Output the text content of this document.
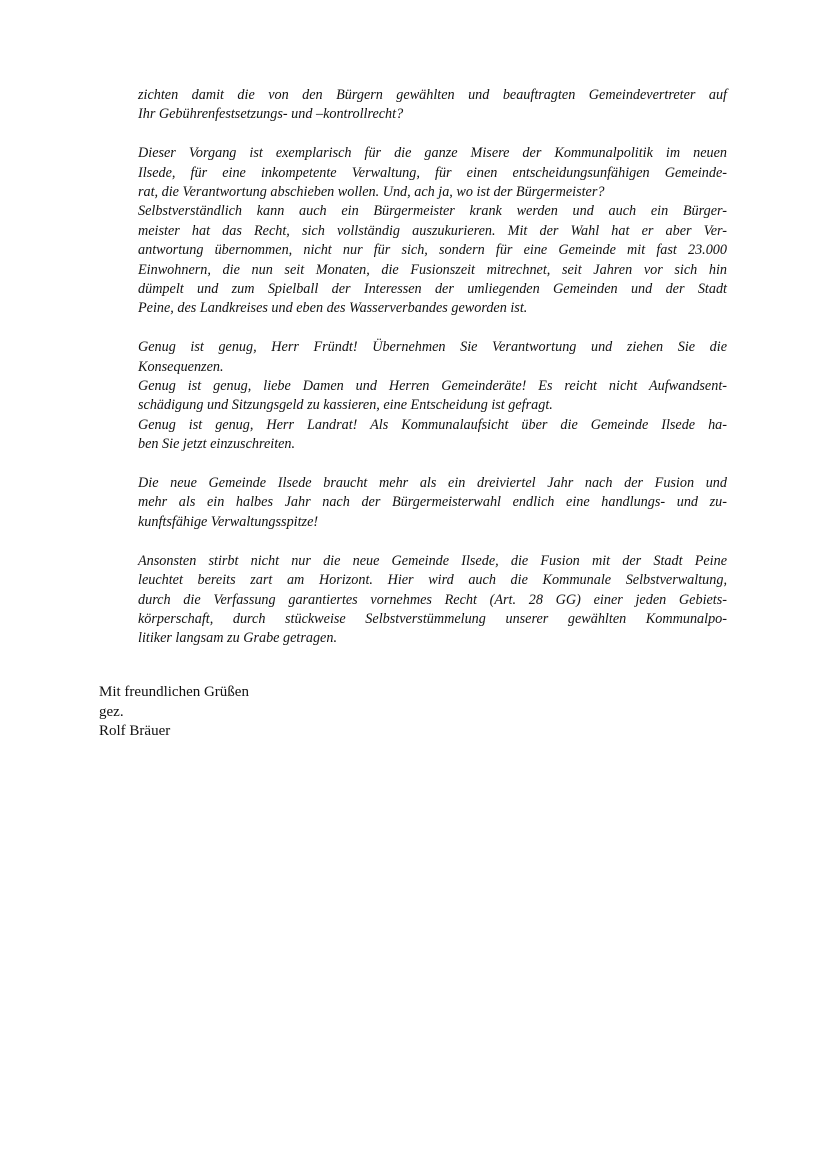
zichten damit die von den Bürgern gewählten und beauftragten Gemeindevertreter auf
Ihr Gebührenfestsetzungs- und –kontrollrecht?
Dieser Vorgang ist exemplarisch für die ganze Misere der Kommunalpolitik im neuen
Ilsede, für eine inkompetente Verwaltung, für einen entscheidungsunfähigen Gemeinde-
rat, die Verantwortung abschieben wollen. Und, ach ja, wo ist der Bürgermeister?
Selbstverständlich kann auch ein Bürgermeister krank werden und auch ein Bürger-
meister hat das Recht, sich vollständig auszukurieren. Mit der Wahl hat er aber Ver-
antwortung übernommen, nicht nur für sich, sondern für eine Gemeinde mit fast 23.000
Einwohnern, die nun seit Monaten, die Fusionszeit mitrechnet, seit Jahren vor sich hin
dümpelt und zum Spielball der Interessen der umliegenden Gemeinden und der Stadt
Peine, des Landkreises und eben des Wasserverbandes geworden ist.
Genug ist genug, Herr Fründt! Übernehmen Sie Verantwortung und ziehen Sie die
Konsequenzen.
Genug ist genug, liebe Damen und Herren Gemeinderäte! Es reicht nicht Aufwandsent-
schädigung und Sitzungsgeld zu kassieren, eine Entscheidung ist gefragt.
Genug ist genug, Herr Landrat! Als Kommunalaufsicht über die Gemeinde Ilsede ha-
ben Sie jetzt einzuschreiten.
Die neue Gemeinde Ilsede braucht mehr als ein dreiviertel Jahr nach der Fusion und
mehr als ein halbes Jahr nach der Bürgermeisterwahl endlich eine handlungs- und zu-
kunftsfähige Verwaltungsspitze!
Ansonsten stirbt nicht nur die neue Gemeinde Ilsede, die Fusion mit der Stadt Peine
leuchtet bereits zart am Horizont. Hier wird auch die Kommunale Selbstverwaltung,
durch die Verfassung garantiertes vornehmes Recht (Art. 28 GG) einer jeden Gebiets-
körperschaft, durch stückweise Selbstverstümmelung unserer gewählten Kommunalpo-
litiker langsam zu Grabe getragen.
Mit freundlichen Grüßen
gez.
Rolf Bräuer
